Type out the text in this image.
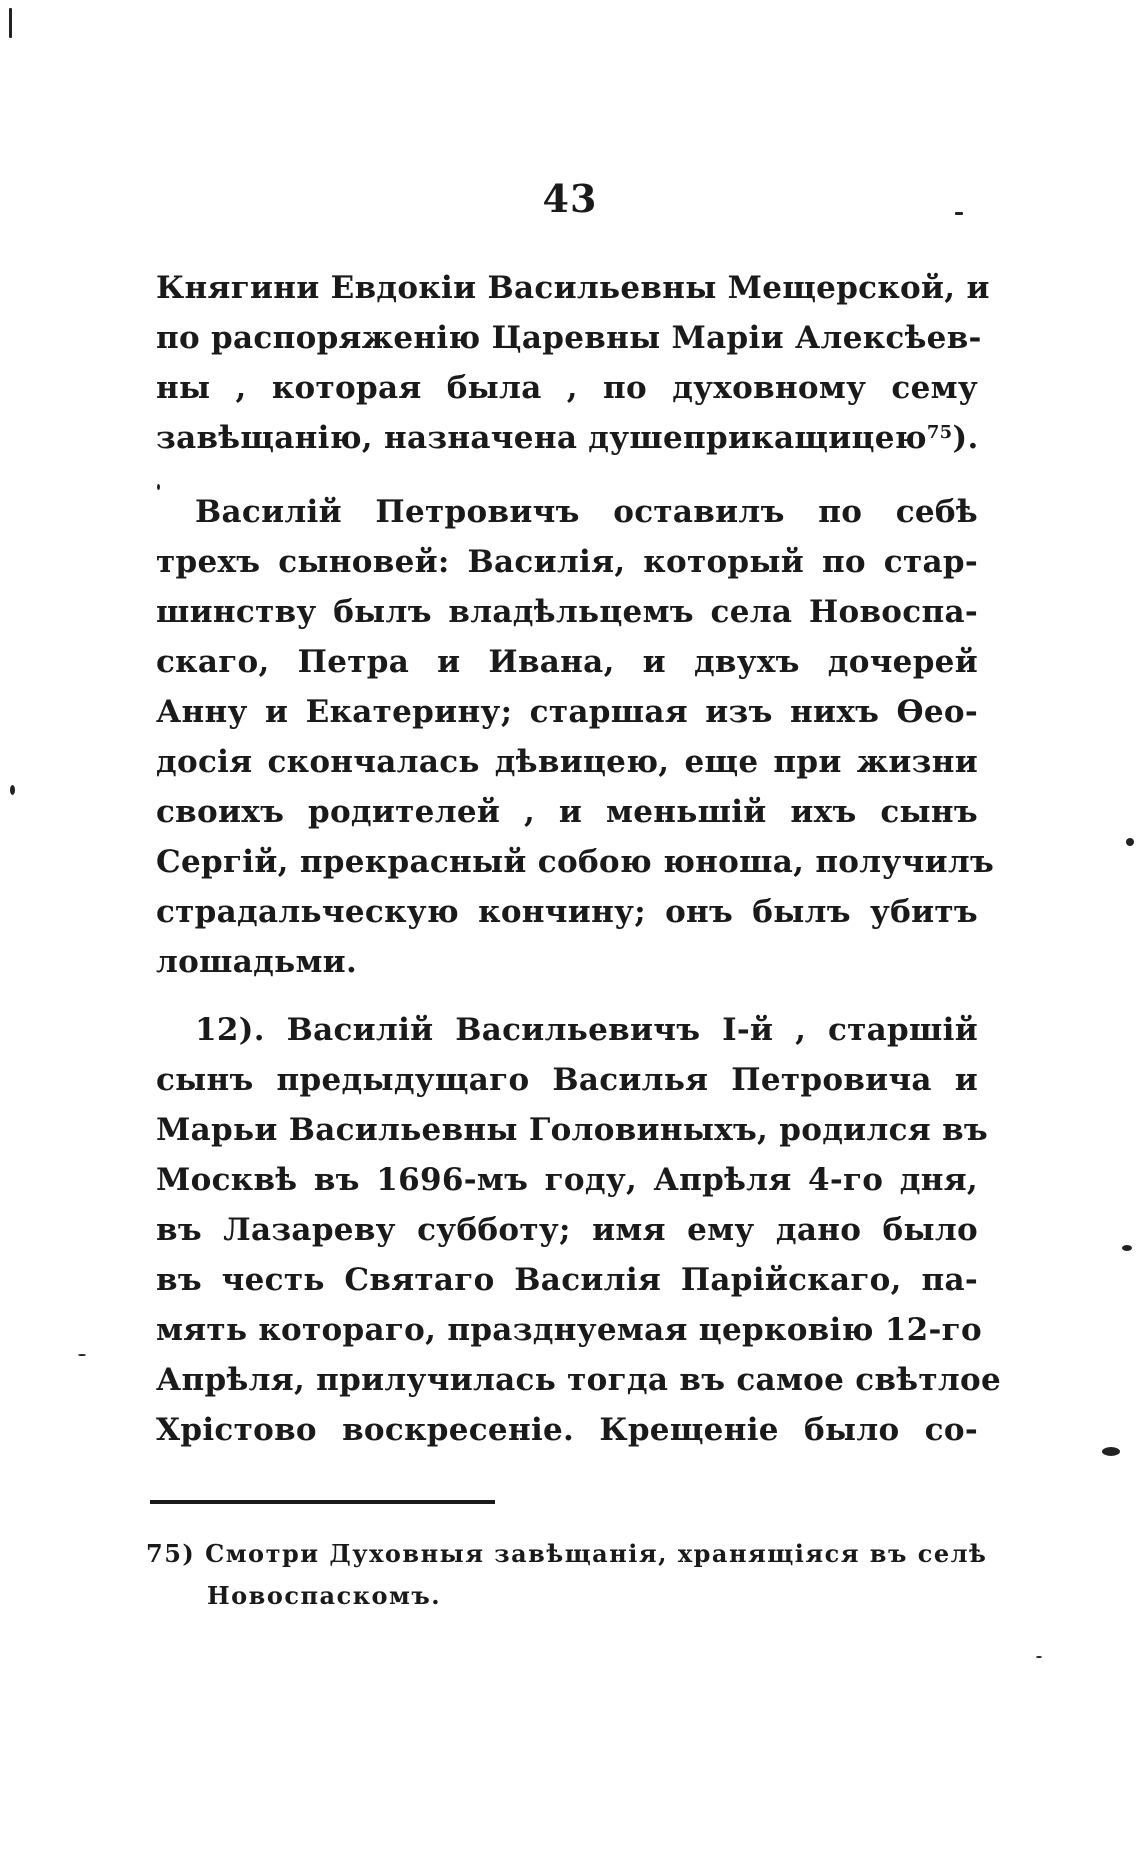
43
Княгини Евдокіи Васильевны Мещерской, и
по распоряженію Царевны Маріи Алексѣев-
ны , которая была , по духовному сему
завѣщанію, назначена душеприкащицею$^{75}$).
Василій Петровичъ оставилъ по себѣ
трехъ сыновей: Василія, который по стар-
шинству былъ владѣльцемъ села Новоспа-
скаго, Петра и Ивана, и двухъ дочерей
Анну и Екатерину; старшая изъ нихъ Ѳео-
досія скончалась дѣвицею, еще при жизни
своихъ родителей , и меньшій ихъ сынъ
Сергій, прекрасный собою юноша, получилъ
страдальческую кончину; онъ былъ убитъ
лошадьми.
12). Василій Васильевичъ I-й , старшій
сынъ предыдущаго Василья Петровича и
Марьи Васильевны Головиныхъ, родился въ
Москвѣ въ 1696-мъ году, Апрѣля 4-го дня,
въ Лазареву субботу; имя ему дано было
въ честь Святаго Василія Парійскаго, па-
мять котораго, празднуемая церковію 12-го
Апрѣля, прилучилась тогда въ самое свѣтлое
Хрістово воскресеніе. Крещеніе было со-
75) Смотри Духовныя завѣщанія, хранящіяся въ селѣ
Новоспаскомъ.
